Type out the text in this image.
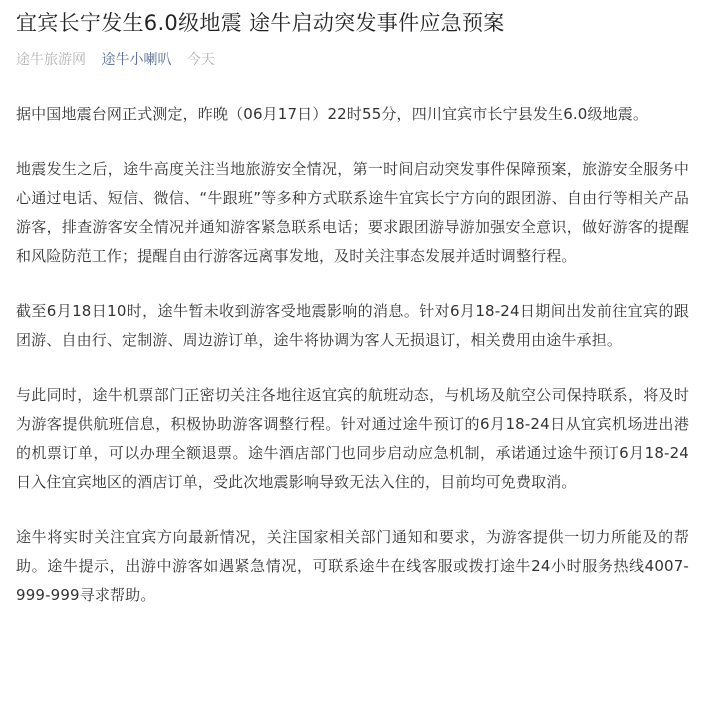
宜宾长宁发生6.0级地震 途牛启动突发事件应急预案
途牛旅游网 途牛小喇叭 今天

据中国地震台网正式测定，昨晚（06月17日）22时55分，四川宜宾市长宁县发生6.0级地震。

地震发生之后，途牛高度关注当地旅游安全情况，第一时间启动突发事件保障预案，旅游安全服务中心通过电话、短信、微信、“牛跟班”等多种方式联系途牛宜宾长宁方向的跟团游、自由行等相关产品游客，排查游客安全情况并通知游客紧急联系电话；要求跟团游导游加强安全意识，做好游客的提醒和风险防范工作；提醒自由行游客远离事发地，及时关注事态发展并适时调整行程。

截至6月18日10时，途牛暂未收到游客受地震影响的消息。针对6月18-24日期间出发前往宜宾的跟团游、自由行、定制游、周边游订单，途牛将协调为客人无损退订，相关费用由途牛承担。

与此同时，途牛机票部门正密切关注各地往返宜宾的航班动态，与机场及航空公司保持联系，将及时为游客提供航班信息，积极协助游客调整行程。针对通过途牛预订的6月18-24日从宜宾机场进出港的机票订单，可以办理全额退票。途牛酒店部门也同步启动应急机制，承诺通过途牛预订6月18-24日入住宜宾地区的酒店订单，受此次地震影响导致无法入住的，目前均可免费取消。

途牛将实时关注宜宾方向最新情况，关注国家相关部门通知和要求，为游客提供一切力所能及的帮助。途牛提示，出游中游客如遇紧急情况，可联系途牛在线客服或拨打途牛24小时服务热线4007-999-999寻求帮助。
